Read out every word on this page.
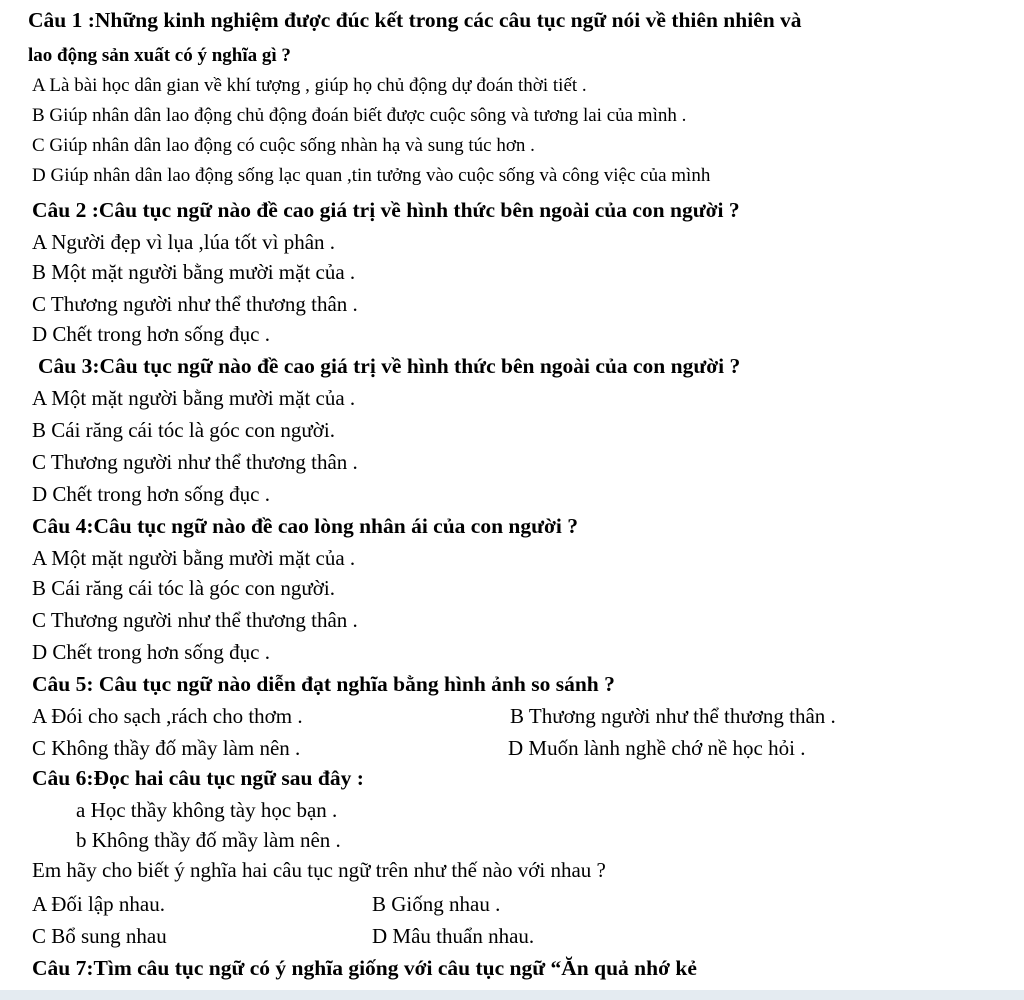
Câu 1 :Những kinh nghiệm được đúc kết trong các câu tục ngữ nói về thiên nhiên và
lao động sản xuất có ý nghĩa gì ?
A Là bài học dân gian về khí tượng , giúp họ chủ động dự đoán thời tiết .
B Giúp nhân dân lao động chủ động đoán biết được cuộc sông và tương lai của mình .
C Giúp nhân dân lao động có cuộc sống nhàn hạ và sung túc hơn .
D Giúp nhân dân lao động sống lạc quan ,tin tưởng vào cuộc sống và công việc của mình
Câu 2 :Câu tục ngữ nào đề cao giá trị về hình thức bên ngoài của con người ?
A Người đẹp vì lụa ,lúa tốt vì phân .
B Một mặt người bằng mười mặt của .
C Thương người như thể thương thân .
D Chết trong hơn sống đục .
Câu 3:Câu tục ngữ nào đề cao giá trị về hình thức bên ngoài của con người ?
A Một mặt người bằng mười mặt của .
B Cái răng cái tóc là góc con người.
C Thương người như thể thương thân .
D Chết trong hơn sống đục .
Câu 4:Câu tục ngữ nào đề cao lòng nhân ái của con người ?
A Một mặt người bằng mười mặt của .
B Cái răng cái tóc là góc con người.
C Thương người như thể thương thân .
D Chết trong hơn sống đục .
Câu 5: Câu tục ngữ nào diễn đạt nghĩa bằng hình ảnh so sánh ?
A Đói cho sạch ,rách cho thơm .	B Thương người như thể thương thân .
C Không thầy đố mầy làm nên .	D Muốn lành nghề chớ nề học hỏi .
Câu 6:Đọc hai câu tục ngữ sau đây :
a Học thầy không tày học bạn .
b Không thầy đố mầy làm nên .
Em hãy cho biết ý nghĩa hai câu tục ngữ trên như thế nào với nhau ?
A Đối lập nhau.	B Giống nhau .
C Bổ sung nhau	D Mâu thuẩn nhau.
Câu 7:Tìm câu tục ngữ có ý nghĩa giống với câu tục ngữ “Ăn quả nhớ kẻ
